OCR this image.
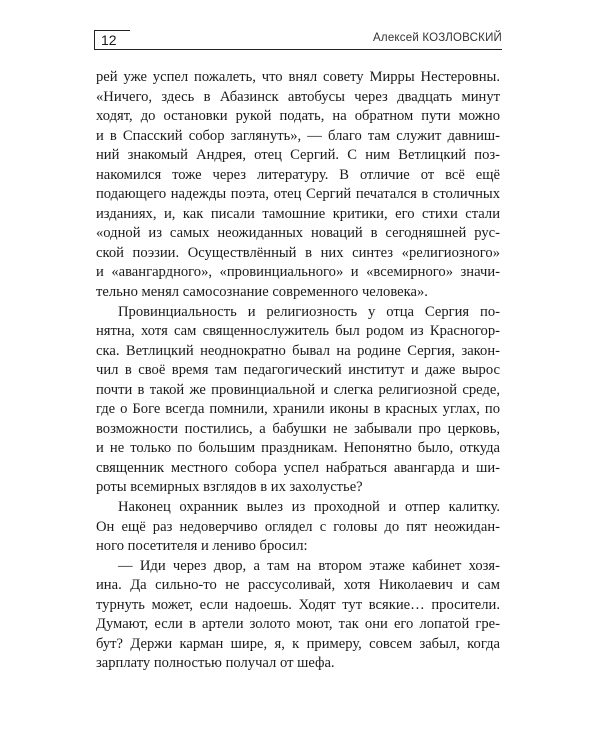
12	Алексей КОЗЛОВСКИЙ

рей уже успел пожалеть, что внял совету Мирры Нестеровны.
«Ничего, здесь в Абазинск автобусы через двадцать минут
ходят, до остановки рукой подать, на обратном пути можно
и в Спасский собор заглянуть», — благо там служит давниш-
ний знакомый Андрея, отец Сергий. С ним Ветлицкий поз-
накомился тоже через литературу. В отличие от всё ещё
подающего надежды поэта, отец Сергий печатался в столичных
изданиях, и, как писали тамошние критики, его стихи стали
«одной из самых неожиданных новаций в сегодняшней рус-
ской поэзии. Осуществлённый в них синтез «религиозного»
и «авангардного», «провинциального» и «всемирного» значи-
тельно менял самосознание современного человека».

Провинциальность и религиозность у отца Сергия по-
нятна, хотя сам священнослужитель был родом из Красногор-
ска. Ветлицкий неоднократно бывал на родине Сергия, закон-
чил в своё время там педагогический институт и даже вырос
почти в такой же провинциальной и слегка религиозной среде,
где о Боге всегда помнили, хранили иконы в красных углах, по
возможности постились, а бабушки не забывали про церковь,
и не только по большим праздникам. Непонятно было, откуда
священник местного собора успел набраться авангарда и ши-
роты всемирных взглядов в их захолустье?

Наконец охранник вылез из проходной и отпер калитку.
Он ещё раз недоверчиво оглядел с головы до пят неожидан-
ного посетителя и лениво бросил:

— Иди через двор, а там на втором этаже кабинет хозя-
ина. Да сильно-то не рассусоливай, хотя Николаевич и сам
турнуть может, если надоешь. Ходят тут всякие… просители.
Думают, если в артели золото моют, так они его лопатой гре-
бут? Держи карман шире, я, к примеру, совсем забыл, когда
зарплату полностью получал от шефа.
